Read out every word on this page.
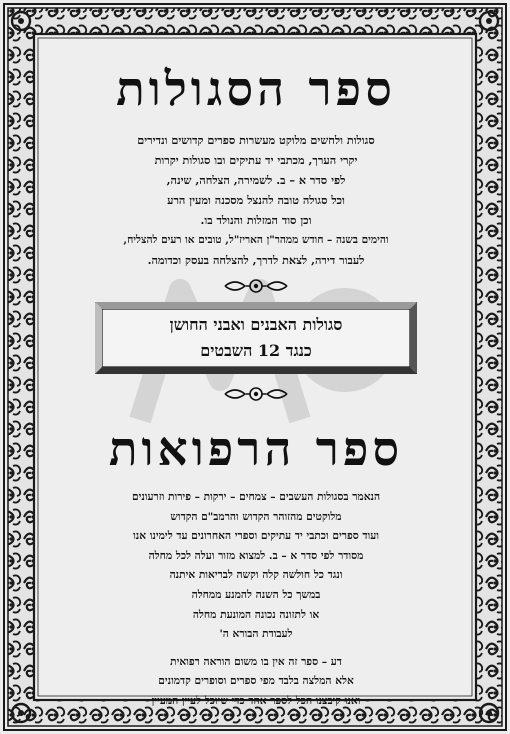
ספר הסגולות
סגולות ולחשים מלוקט מעשרות ספרים קדושים ונדירים
יקרי הערך, מכתבי יד עתיקים ובו סגולות יקרות
לפי סדר א – ב. לשמירה, הצלחה, שינה,
וכל סגולה טובה להנצל מסכנה ומעין הרע
וכן סוד המזלות והנולד בו.
והימים בשנה – חודש ממהר"ן האריז"ל, טובים או רעים להצליח,
לעבור דירה, לצאת לדרך, להצלחה בעסק וכדומה.
סגולות האבנים ואבני החושן
כנגד 12 השבטים
ספר הרפואות
הנאמר בסגולות העשבים – צמחים – ירקות – פירות וזרעונים
מלוקטים מהזוהר הקדוש והרמב"ם הקדוש
ועוד ספרים וכתבי יד עתיקים וספרי האחרונים עד לימינו אנו
מסודר לפי סדר א – ב. למצוא מזור ועלה לכל מחלה
ונגד כל חולשה קלה וקשה לבריאות איתנה
במשך כל השנה להמנע ממחלה
או לתזונה נכונה המונעת מחלה
לעבודת הבורא ה'
דע – ספר זה אין בו משום הוראה רפואית
אלא המלצה בלבד מפי ספרים וסופרים קדמונים
ואנו קיבצנו הכל לספר אחד כדי שיוכל לעיין המעיין
